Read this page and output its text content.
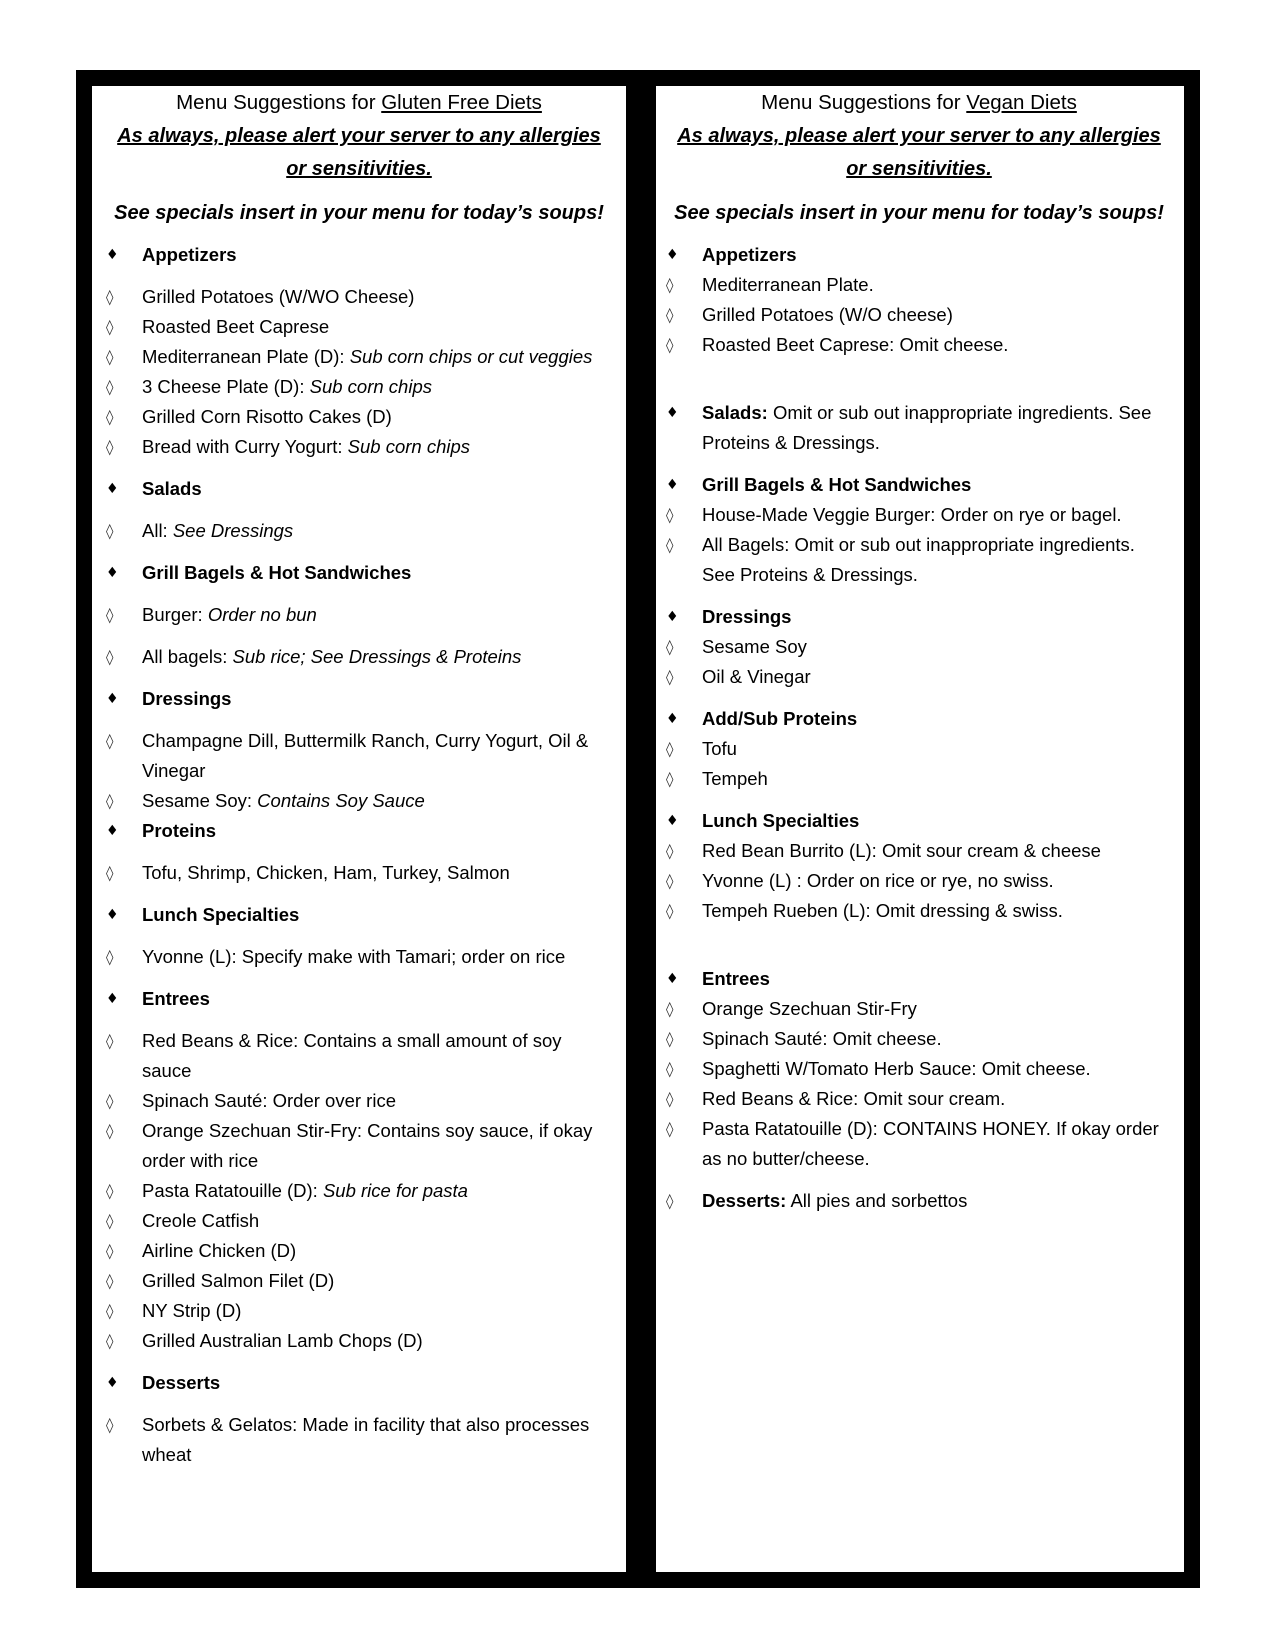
Menu Suggestions for Gluten Free Diets
As always, please alert your server to any allergies or sensitivities.
See specials insert in your menu for today’s soups!
♦	Appetizers
◊	Grilled Potatoes (W/WO Cheese)
◊	Roasted Beet Caprese
◊	Mediterranean Plate (D): Sub corn chips or cut veggies
◊	3 Cheese Plate (D): Sub corn chips
◊	Grilled Corn Risotto Cakes (D)
◊	Bread with Curry Yogurt: Sub corn chips
♦	Salads
◊	All: See Dressings
♦	Grill Bagels & Hot Sandwiches
◊	Burger: Order no bun
◊	All bagels: Sub rice; See Dressings & Proteins
♦	Dressings
◊	Champagne Dill, Buttermilk Ranch, Curry Yogurt, Oil & Vinegar
◊	Sesame Soy: Contains Soy Sauce
♦	Proteins
◊	Tofu, Shrimp, Chicken, Ham, Turkey, Salmon
♦	Lunch Specialties
◊	Yvonne (L): Specify make with Tamari; order on rice
♦	Entrees
◊	Red Beans & Rice: Contains a small amount of soy sauce
◊	Spinach Sauté: Order over rice
◊	Orange Szechuan Stir-Fry: Contains soy sauce, if okay order with rice
◊	Pasta Ratatouille (D): Sub rice for pasta
◊	Creole Catfish
◊	Airline Chicken (D)
◊	Grilled Salmon Filet (D)
◊	NY Strip (D)
◊	Grilled Australian Lamb Chops (D)
♦	Desserts
◊	Sorbets & Gelatos: Made in facility that also processes wheat
Menu Suggestions for Vegan Diets
As always, please alert your server to any allergies or sensitivities.
See specials insert in your menu for today’s soups!
♦	Appetizers
◊	Mediterranean Plate.
◊	Grilled Potatoes (W/O cheese)
◊	Roasted Beet Caprese: Omit cheese.
♦	Salads: Omit or sub out inappropriate ingredients. See Proteins & Dressings.
♦	Grill Bagels & Hot Sandwiches
◊	House-Made Veggie Burger: Order on rye or bagel.
◊	All Bagels: Omit or sub out inappropriate ingredients. See Proteins & Dressings.
♦	Dressings
◊	Sesame Soy
◊	Oil & Vinegar
♦	Add/Sub Proteins
◊	Tofu
◊	Tempeh
♦	Lunch Specialties
◊	Red Bean Burrito (L): Omit sour cream & cheese
◊	Yvonne (L) : Order on rice or rye, no swiss.
◊	Tempeh Rueben (L): Omit dressing & swiss.
♦	Entrees
◊	Orange Szechuan Stir-Fry
◊	Spinach Sauté: Omit cheese.
◊	Spaghetti W/Tomato Herb Sauce: Omit cheese.
◊	Red Beans & Rice: Omit sour cream.
◊	Pasta Ratatouille (D): CONTAINS HONEY. If okay order as no butter/cheese.
◊	Desserts: All pies and sorbettos
